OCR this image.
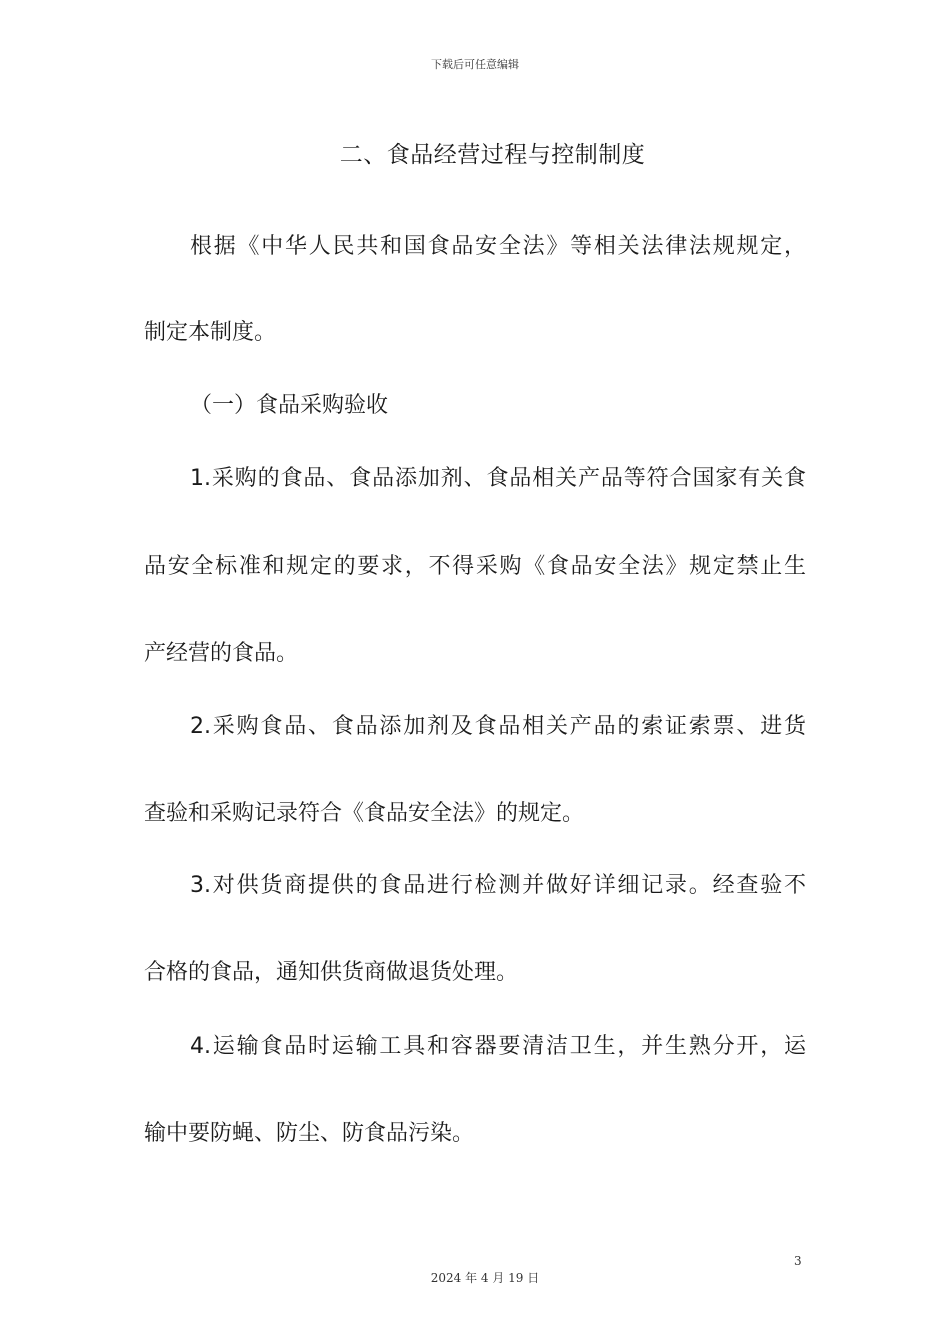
下载后可任意编辑
二、食品经营过程与控制制度
根据《中华人民共和国食品安全法》等相关法律法规规定，
制定本制度。
（一）食品采购验收
1.采购的食品、食品添加剂、食品相关产品等符合国家有关食
品安全标准和规定的要求，不得采购《食品安全法》规定禁止生
产经营的食品。
2.采购食品、食品添加剂及食品相关产品的索证索票、进货
查验和采购记录符合《食品安全法》的规定。
3.对供货商提供的食品进行检测并做好详细记录。经查验不
合格的食品，通知供货商做退货处理。
4.运输食品时运输工具和容器要清洁卫生，并生熟分开，运
输中要防蝇、防尘、防食品污染。
3
2024 年 4 月 19 日
